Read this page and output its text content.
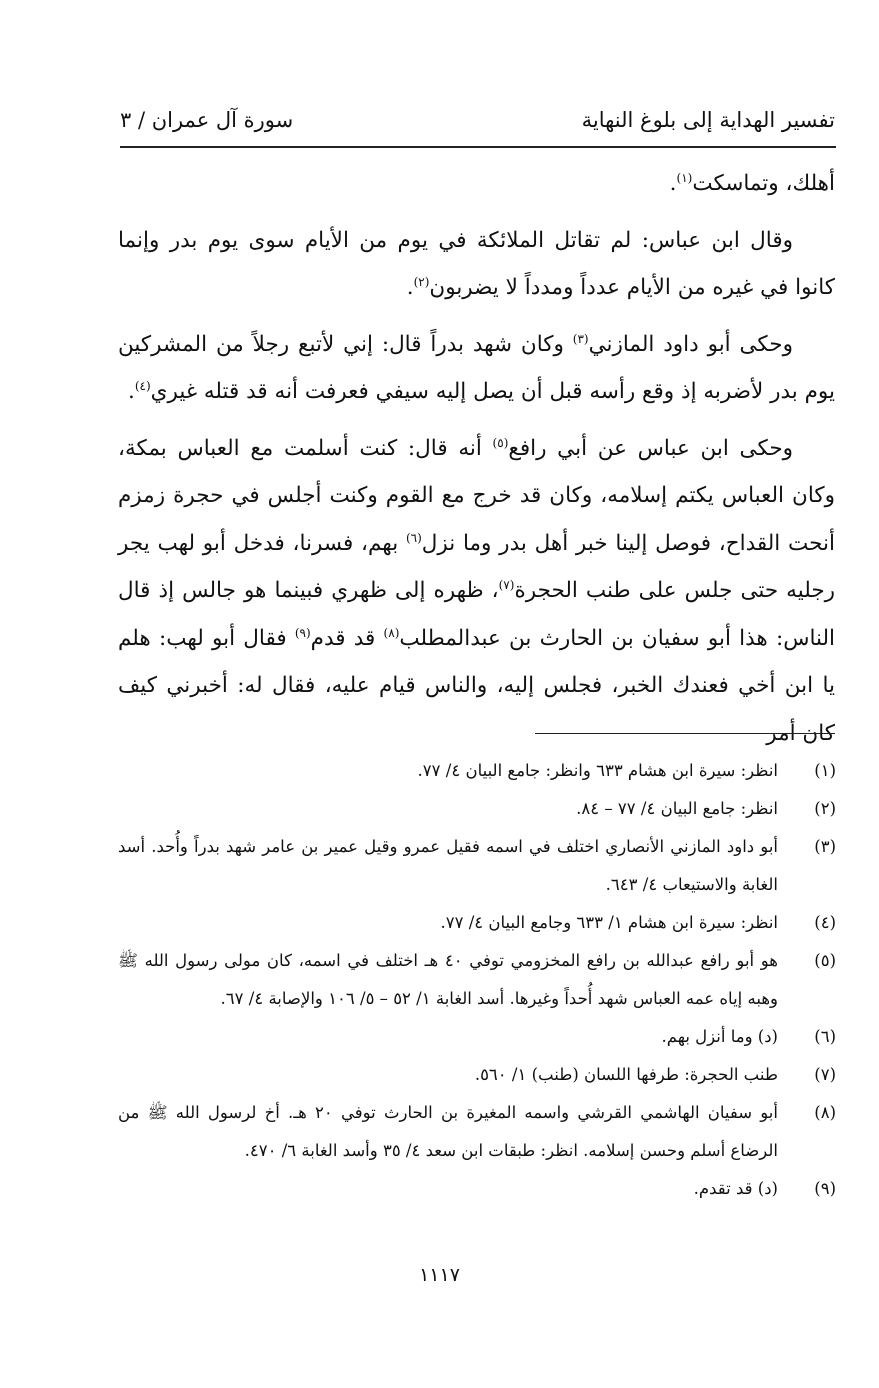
تفسير الهداية إلى بلوغ النهاية
سورة آل عمران / ٣

أهلك، وتماسكت$^{(١)}$.

وقال ابن عباس: لم تقاتل الملائكة في يوم من الأيام سوى يوم بدر وإنما كانوا في غيره من الأيام عدداً ومدداً لا يضربون$^{(٢)}$.

وحكى أبو داود المازني$^{(٣)}$ وكان شهد بدراً قال: إني لأتبع رجلاً من المشركين يوم بدر لأضربه إذ وقع رأسه قبل أن يصل إليه سيفي فعرفت أنه قد قتله غيري$^{(٤)}$.

وحكى ابن عباس عن أبي رافع$^{(٥)}$ أنه قال: كنت أسلمت مع العباس بمكة، وكان العباس يكتم إسلامه، وكان قد خرج مع القوم وكنت أجلس في حجرة زمزم أنحت القداح، فوصل إلينا خبر أهل بدر وما نزل$^{(٦)}$ بهم، فسرنا، فدخل أبو لهب يجر رجليه حتى جلس على طنب الحجرة$^{(٧)}$، ظهره إلى ظهري فبينما هو جالس إذ قال الناس: هذا أبو سفيان بن الحارث بن عبدالمطلب$^{(٨)}$ قد قدم$^{(٩)}$ فقال أبو لهب: هلم يا ابن أخي فعندك الخبر، فجلس إليه، والناس قيام عليه، فقال له: أخبرني كيف كان أمر

(١)
انظر: سيرة ابن هشام ٦٣٣ وانظر: جامع البيان ٤/ ٧٧.
(٢)
انظر: جامع البيان ٤/ ٧٧ – ٨٤.
(٣)
أبو داود المازني الأنصاري اختلف في اسمه فقيل عمرو وقيل عمير بن عامر شهد بدراً وأُحد. أسد الغابة والاستيعاب ٤/ ٦٤٣.
(٤)
انظر: سيرة ابن هشام ١/ ٦٣٣ وجامع البيان ٤/ ٧٧.
(٥)
هو أبو رافع عبدالله بن رافع المخزومي توفي ٤٠ هـ اختلف في اسمه، كان مولى رسول الله ﷺ وهبه إياه عمه العباس شهد أُحداً وغيرها. أسد الغابة ١/ ٥٢ – ٥/ ١٠٦ والإصابة ٤/ ٦٧.
(٦)
(د) وما أنزل بهم.
(٧)
طنب الحجرة: طرفها اللسان (طنب) ١/ ٥٦٠.
(٨)
أبو سفيان الهاشمي القرشي واسمه المغيرة بن الحارث توفي ٢٠ هـ. أخ لرسول الله ﷺ من الرضاع أسلم وحسن إسلامه. انظر: طبقات ابن سعد ٤/ ٣٥ وأسد الغابة ٦/ ٤٧٠.
(٩)
(د) قد تقدم.
١١١٧
